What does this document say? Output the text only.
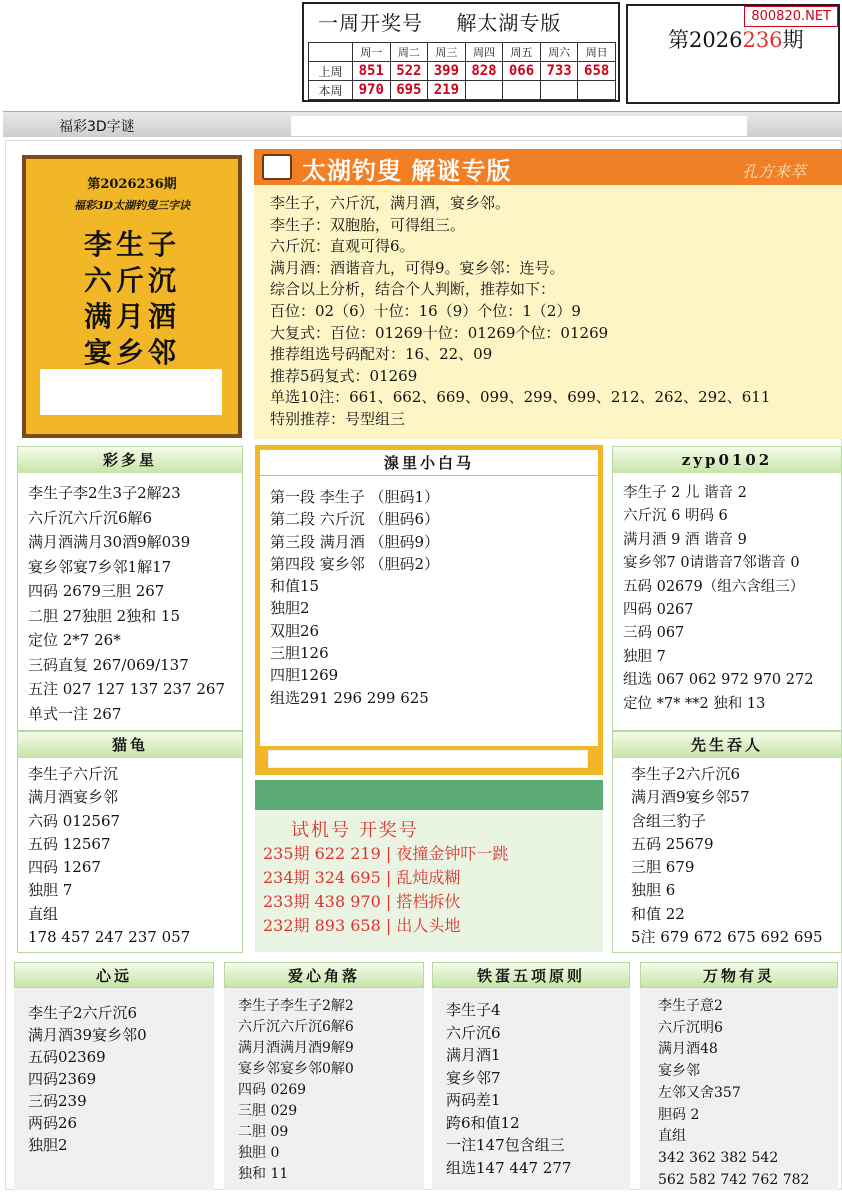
一周开奖号 解太湖专版
	周一	周二	周三	周四	周五	周六	周日
上周	851	522	399	828	066	733	658
本周	970	695	219				
第2026236期
800820.NET
福彩3D字谜
第2026236期
福彩3D太湖钓叟三字诀
李生子
六斤沉
满月酒
宴乡邻
太湖钓叟 解谜专版	孔方来萃
李生子，六斤沉，满月酒，宴乡邻。
李生子：双胞胎，可得组三。
六斤沉：直观可得6。
满月酒：酒谐音九，可得9。宴乡邻：连号。
综合以上分析，结合个人判断，推荐如下：
百位：02（6）十位：16（9）个位：1（2）9
大复式：百位：01269十位：01269个位：01269
推荐组选号码配对：16、22、09
推荐5码复式：01269
单选10注：661、662、669、099、299、699、212、262、292、611
特别推荐：号型组三
彩多星
李生子李2生3子2解23
六斤沉六斤沉6解6
满月酒满月30酒9解039
宴乡邻宴7乡邻1解17
四码 2679三胆 267
二胆 27独胆 2独和 15
定位 2*7 26*
三码直复 267/069/137
五注 027 127 137 237 267
单式一注 267
猫龟
李生子六斤沉
满月酒宴乡邻
六码 012567
五码 12567
四码 1267
独胆 7
直组
178 457 247 237 057
湶里小白马
第一段 李生子 （胆码1）
第二段 六斤沉 （胆码6）
第三段 满月酒 （胆码9）
第四段 宴乡邻 （胆码2）
和值15
独胆2
双胆26
三胆126
四胆1269
组选291 296 299 625
试机号 开奖号
235期 622 219 | 夜撞金钟吓一跳
234期 324 695 | 乱炖成糊
233期 438 970 | 搭档拆伙
232期 893 658 | 出人头地
zyp0102
李生子 2 儿 谐音 2
六斤沉 6 明码 6
满月酒 9 酒 谐音 9
宴乡邻7 0请谐音7邻谐音 0
五码 02679（组六含组三）
四码 0267
三码 067
独胆 7
组选 067 062 972 970 272
定位 *7* **2 独和 13
先生吞人
李生子2六斤沉6
满月酒9宴乡邻57
含组三豹子
五码 25679
三胆 679
独胆 6
和值 22
5注 679 672 675 692 695
心远
李生子2六斤沉6
满月酒39宴乡邻0
五码02369
四码2369
三码239
两码26
独胆2
爱心角落
李生子李生子2解2
六斤沉六斤沉6解6
满月酒满月酒9解9
宴乡邻宴乡邻0解0
四码 0269
三胆 029
二胆 09
独胆 0
独和 11
铁蛋五项原则
李生子4
六斤沉6
满月酒1
宴乡邻7
两码差1
跨6和值12
一注147包含组三
组选147 447 277
万物有灵
李生子意2
六斤沉明6
满月酒48
宴乡邻
左邻又舍357
胆码 2
直组
342 362 382 542
562 582 742 762 782
